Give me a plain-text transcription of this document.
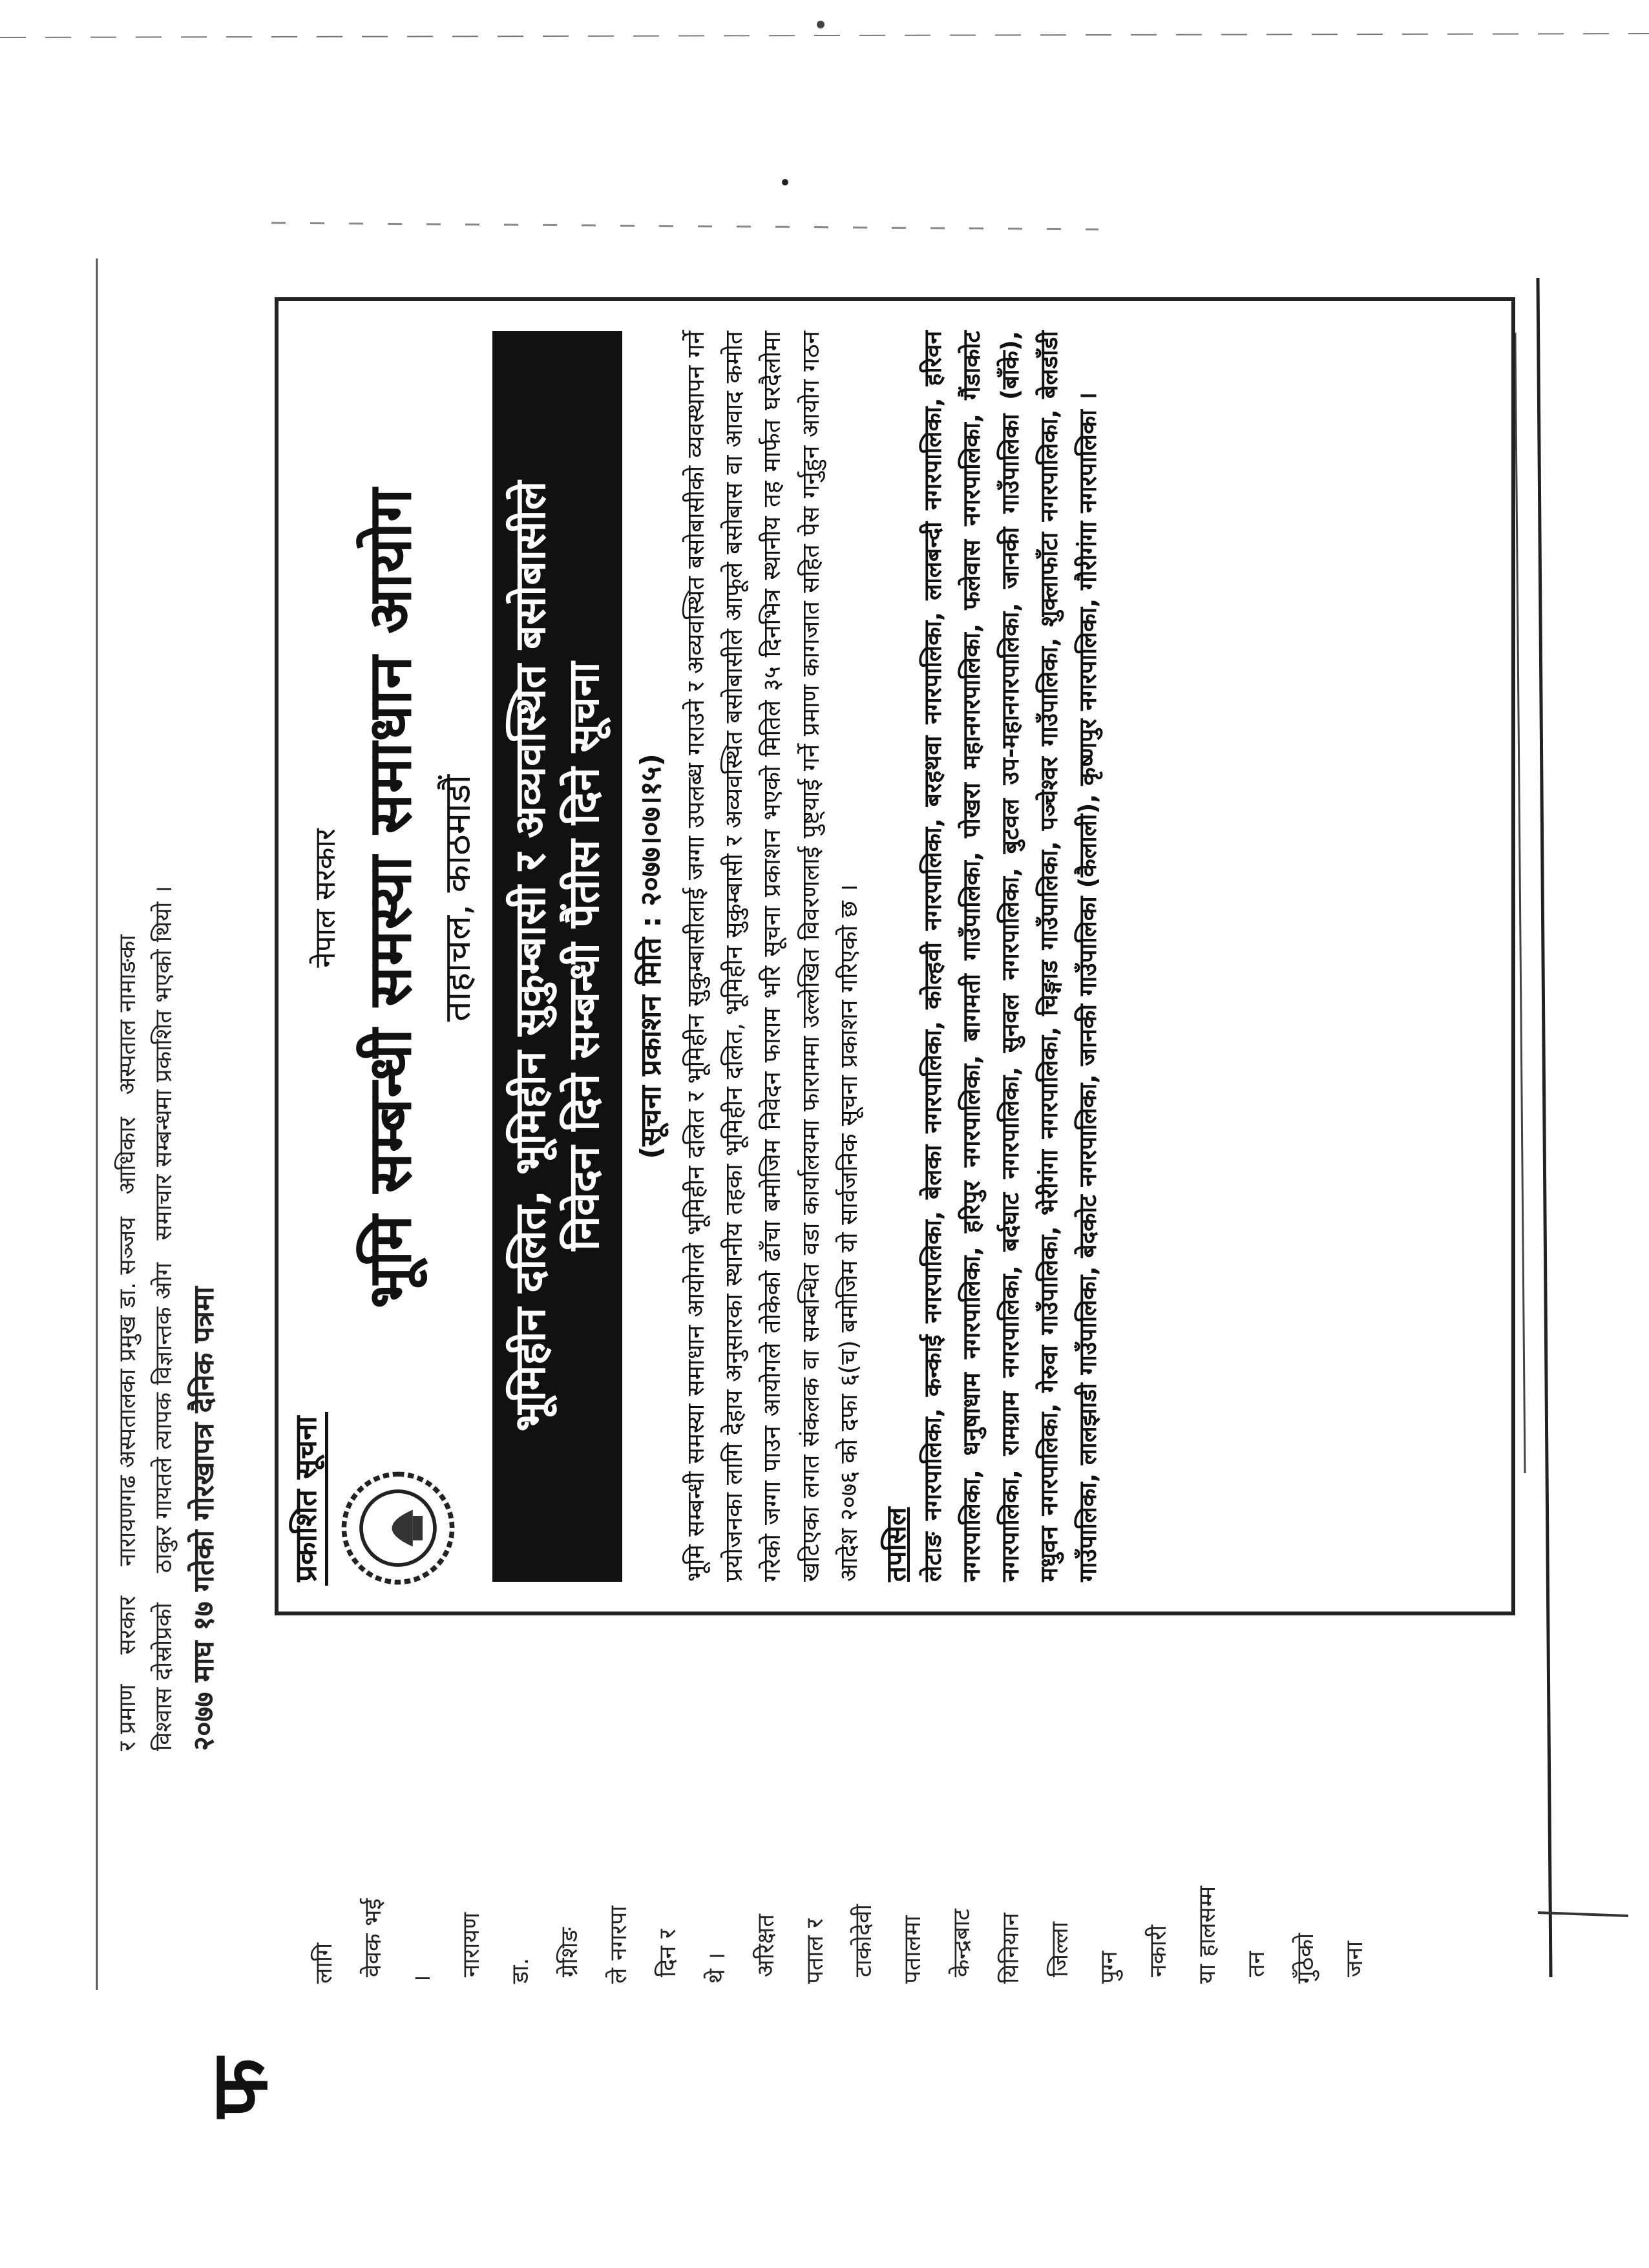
र प्रमाण    सरकार    नारायणगढ अस्पतालका प्रमुख डा. सञ्जय   आधिकार   अस्पताल नामाङका
विश्वास दोस्रोप्रको    ठाकुर गायतले त्यापक विज्ञान्तक ओग   समाचार सम्बन्धमा प्रकाशित भएको थियो ।
२०७७ माघ १७ गतेको गोरखापत्र दैनिक पत्रमा प्रकाशित सूचना
नेपाल सरकार भूमि सम्बन्धी समस्या समाधान आयोग ताहाचल, काठमाडौं भूमिहीन दलित, भूमिहीन सुकुम्बासी र अव्यवस्थित बसोबासीले निवेदन दिने सम्बन्धी पैंतीस दिने सूचना (सूचना प्रकाशन मिति : २०७७।०७।१५) भूमि सम्बन्धी समस्या समाधान आयोगले भूमिहीन दलित र भूमिहीन सुकुम्बासीलाई जग्गा उपलब्ध गराउने र अव्यवस्थित बसोबासीको व्यवस्थापन गर्ने प्रयोजनका लागि देहाय अनुसारका स्थानीय तहका भूमिहीन दलित, भूमिहीन सुकुम्बासी र अव्यवस्थित बसोबासीले आफूले बसोबास वा आवाद कमोत गरेको जग्गा पाउन आयोगले तोकेको ढाँचा बमोजिम निवेदन फाराम भरि सूचना प्रकाशन भएको मितिले ३५ दिनभित्र स्थानीय तह मार्फत घरदैलोमा खटिएका लगत संकलक वा सम्बन्धित वडा कार्यालयमा फाराममा उल्लेखित विवरणलाई पुष्ट्याई गर्ने प्रमाण कागजात सहित पेस गर्नुहुन आयोग गठन आदेश २०७६ को दफा ६(च) बमोजिम यो सार्वजनिक सूचना प्रकाशन गरिएको छ । तपसिल लेटाङ नगरपालिका, कन्काई नगरपालिका, बेलका नगरपालिका, कोल्हवी नगरपालिका, बरहथवा नगरपालिका, लालबन्दी नगरपालिका, हरिवन नगरपालिका, धनुषाधाम नगरपालिका, हरिपुर नगरपालिका, बागमती गाउँपालिका, पोखरा महानगरपालिका, फलेवास नगरपालिका, गैंडाकोट नगरपालिका, रामग्राम नगरपालिका, बर्दघाट नगरपालिका, सुनवल नगरपालिका, बुटवल उप-महानगरपालिका, जानकी गाउँपालिका (बाँके), मधुवन नगरपालिका, गेरुवा गाउँपालिका, भेरीगंगा नगरपालिका, चिङ्गाड गाउँपालिका, पञ्चेश्वर गाउँपालिका, शुक्लाफाँटा नगरपालिका, बेलडाँडी गाउँपालिका, लालझाडी गाउँपालिका, बेदकोट नगरपालिका, जानकी गाउँपालिका (कैलाली), कृष्णपुर नगरपालिका, गौरीगंगा नगरपालिका ।
फ
लागि वेवक भई
।
नारायण डा. ग्रेशिङ ले नगरपा दिन र थे । अरिक्षत पताल र टाकोदेवी पतालमा केन्द्रबाट यिनियान जिल्ला पुग्न नकारी या हालसम्म तन गुँठेको जना
